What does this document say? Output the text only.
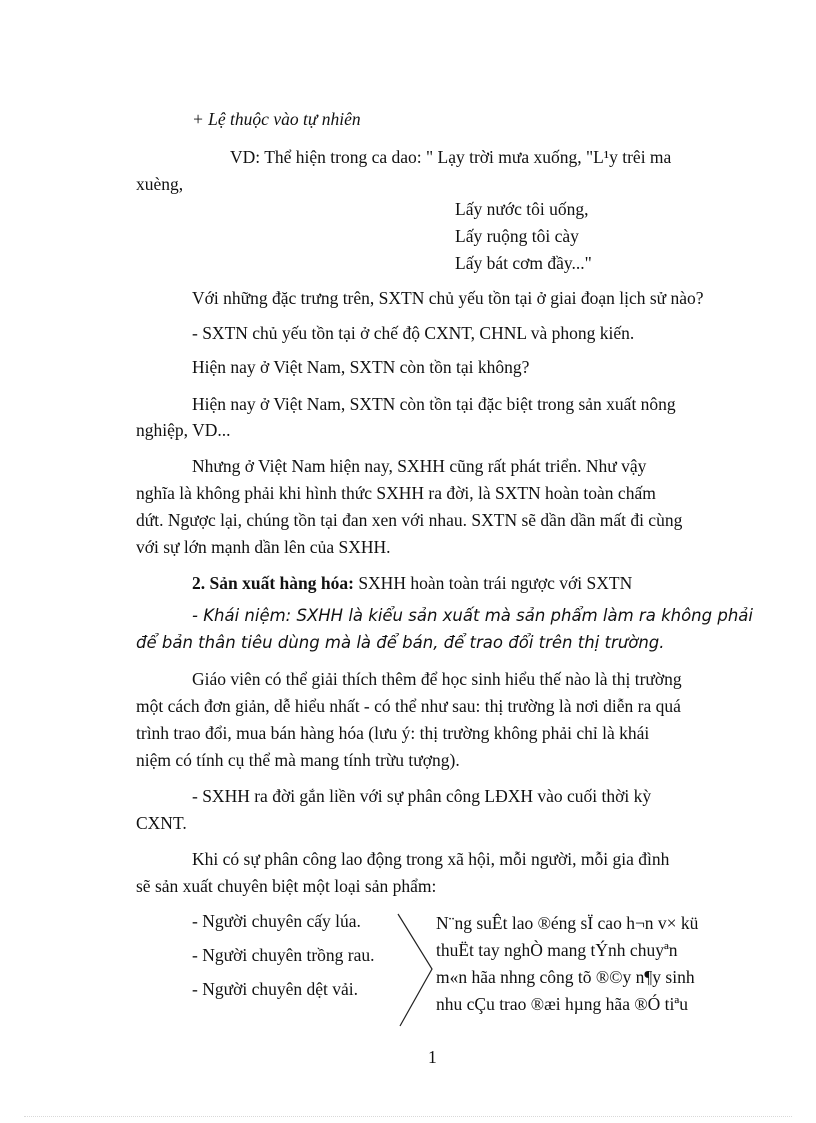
+ Lệ thuộc vào tự nhiên
VD: Thể hiện trong ca dao: " Lạy trời mưa xuống, "L¹y trêi ma
xuèng,
Lấy nước tôi uống,
Lấy ruộng tôi cày
Lấy bát cơm đầy..."
Với những đặc trưng trên, SXTN chủ yếu tồn tại ở giai đoạn lịch sử nào?
- SXTN chủ yếu tồn tại ở chế độ CXNT, CHNL và phong kiến.
Hiện nay ở Việt Nam, SXTN còn tồn tại không?
Hiện nay ở Việt Nam, SXTN còn tồn tại đặc biệt trong sản xuất nông
nghiệp, VD...
Nhưng ở Việt Nam hiện nay, SXHH cũng rất phát triển. Như vậy
nghĩa là không phải khi hình thức SXHH ra đời, là SXTN hoàn toàn chấm
dứt. Ngược lại, chúng tồn tại đan xen với nhau. SXTN sẽ dần dần mất đi cùng
với sự lớn mạnh dần lên của SXHH.
2. Sản xuất hàng hóa: SXHH hoàn toàn trái ngược với SXTN
- Khái niệm: SXHH là kiểu sản xuất mà sản phẩm làm ra không phải
để bản thân tiêu dùng mà là để bán, để trao đổi trên thị trường.
Giáo viên có thể giải thích thêm để học sinh hiểu thế nào là thị trường
một cách đơn giản, dễ hiểu nhất - có thể như sau: thị trường là nơi diễn ra quá
trình trao đổi, mua bán hàng hóa (lưu ý: thị trường không phải chỉ là khái
niệm có tính cụ thể mà mang tính trừu tượng).
- SXHH ra đời gắn liền với sự phân công LĐXH vào cuối thời kỳ
CXNT.
Khi có sự phân công lao động trong xã hội, mỗi người, mỗi gia đình
sẽ sản xuất chuyên biệt một loại sản phẩm:
- Người chuyên cấy lúa.
- Người chuyên trồng rau.
- Người chuyên dệt vải.
N¨ng suÊt lao ®éng sÏ cao h¬n v× kü
thuËt tay nghÒ mang tÝnh chuyªn
m«n hãa nhng công tõ ®©y n¶y sinh
nhu cÇu trao ®æi hµng hãa ®Ó tiªu
1
